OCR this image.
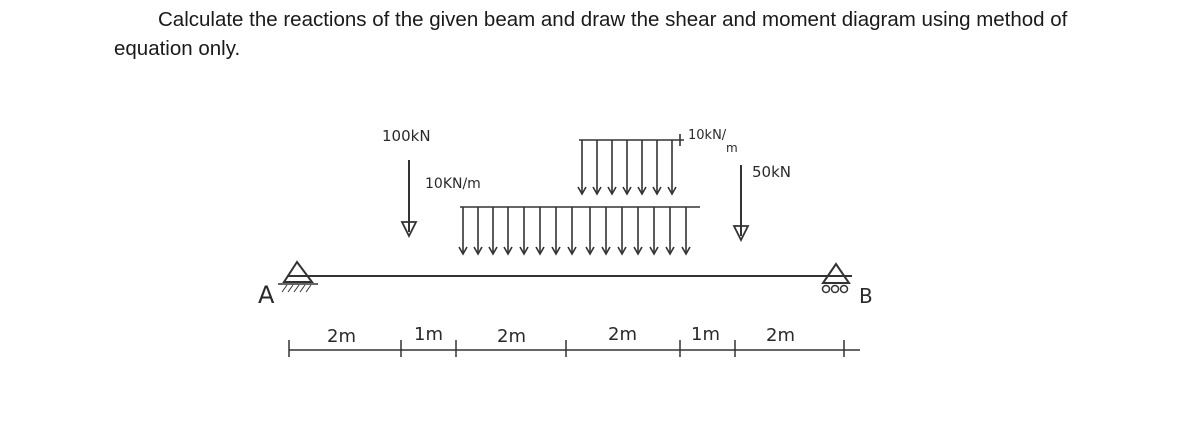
Calculate the reactions of the given beam and draw the shear and moment diagram using method of equation only.

A	B
100kN
10KN/m
10kN/
m
50kN
2m	1m	2m	2m	1m	2m
